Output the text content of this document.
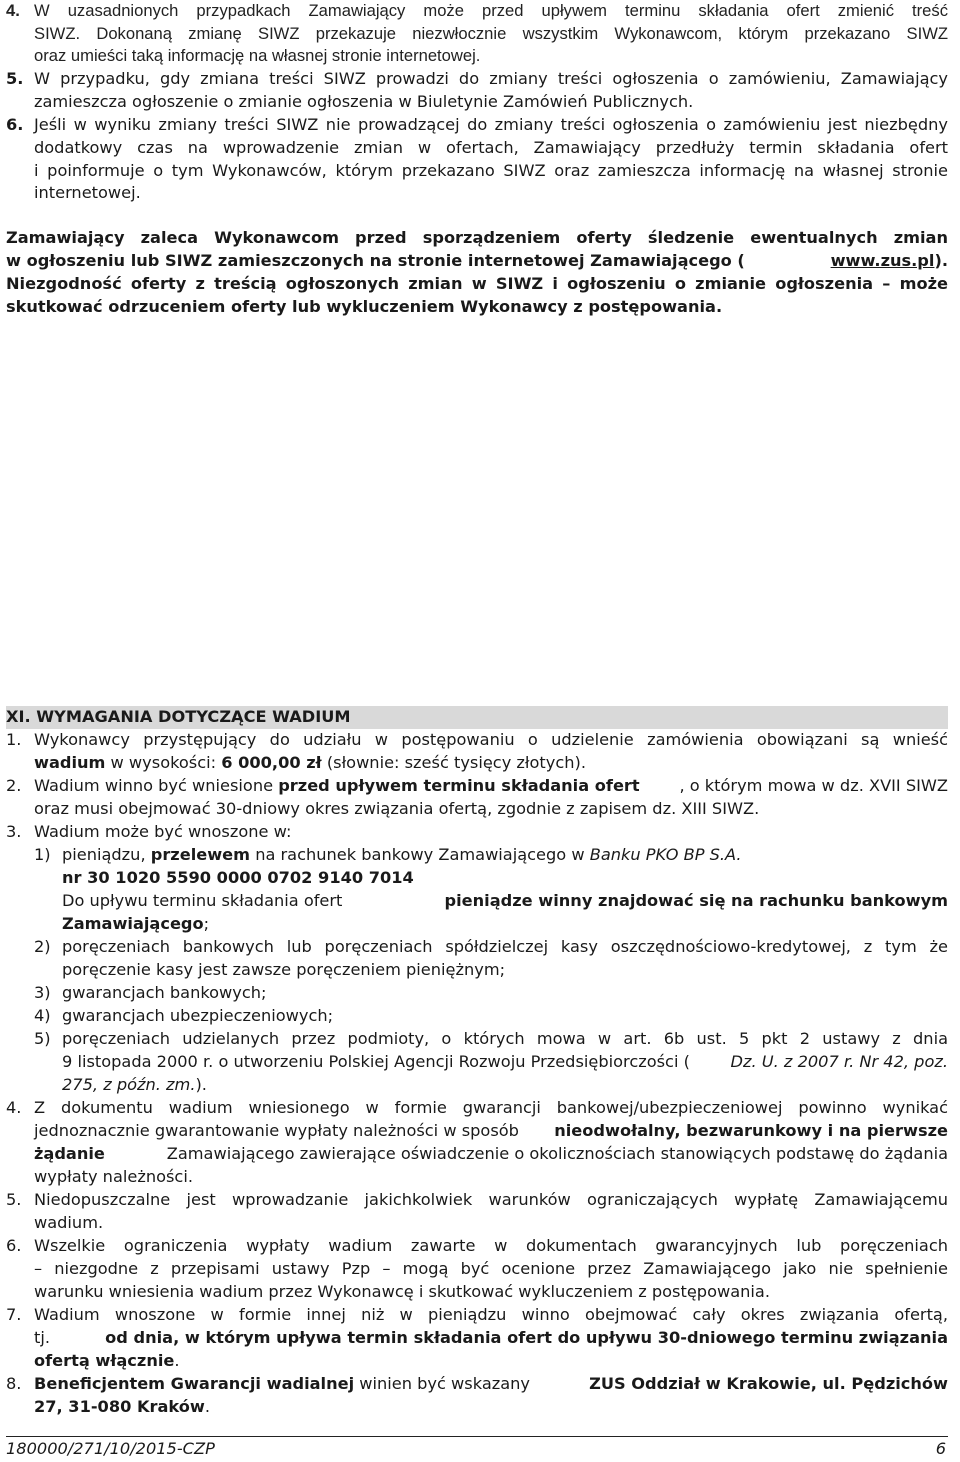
4. W uzasadnionych przypadkach Zamawiający może przed upływem terminu składania ofert zmienić treść
SIWZ. Dokonaną zmianę SIWZ przekazuje niezwłocznie wszystkim Wykonawcom, którym przekazano SIWZ
oraz umieści taką informację na własnej stronie internetowej.
5. W przypadku, gdy zmiana treści SIWZ prowadzi do zmiany treści ogłoszenia o zamówieniu, Zamawiający
zamieszcza ogłoszenie o zmianie ogłoszenia w Biuletynie Zamówień Publicznych.
6. Jeśli w wyniku zmiany treści SIWZ nie prowadzącej do zmiany treści ogłoszenia o zamówieniu jest niezbędny
dodatkowy czas na wprowadzenie zmian w ofertach, Zamawiający przedłuży termin składania ofert
i poinformuje o tym Wykonawców, którym przekazano SIWZ oraz zamieszcza informację na własnej stronie
internetowej.
Zamawiający zaleca Wykonawcom przed sporządzeniem oferty śledzenie ewentualnych zmian
w ogłoszeniu lub SIWZ zamieszczonych na stronie internetowej Zamawiającego (	www.zus.pl).
Niezgodność oferty z treścią ogłoszonych zmian w SIWZ i ogłoszeniu o zmianie ogłoszenia – może
skutkować odrzuceniem oferty lub wykluczeniem Wykonawcy z postępowania.
XI. WYMAGANIA DOTYCZĄCE WADIUM
1. Wykonawcy przystępujący do udziału w postępowaniu o udzielenie zamówienia obowiązani są wnieść
wadium w wysokości: 6 000,00 zł (słownie: sześć tysięcy złotych).
2. Wadium winno być wniesione przed upływem terminu składania ofert , o którym mowa w dz. XVII SIWZ
oraz musi obejmować 30-dniowy okres związania ofertą, zgodnie z zapisem dz. XIII SIWZ.
3. Wadium może być wnoszone w:
1) pieniądzu, przelewem na rachunek bankowy Zamawiającego w Banku PKO BP S.A.
nr 30 1020 5590 0000 0702 9140 7014
Do upływu terminu składania ofert	pieniądze winny znajdować się na rachunku bankowym
Zamawiającego;
2) poręczeniach bankowych lub poręczeniach spółdzielczej kasy oszczędnościowo-kredytowej, z tym że
poręczenie kasy jest zawsze poręczeniem pieniężnym;
3) gwarancjach bankowych;
4) gwarancjach ubezpieczeniowych;
5) poręczeniach udzielanych przez podmioty, o których mowa w art. 6b ust. 5 pkt 2 ustawy z dnia
9 listopada 2000 r. o utworzeniu Polskiej Agencji Rozwoju Przedsiębiorczości (	Dz. U. z 2007 r. Nr 42, poz.
275, z późn. zm.).
4. Z dokumentu wadium wniesionego w formie gwarancji bankowej/ubezpieczeniowej powinno wynikać
jednoznacznie gwarantowanie wypłaty należności w sposób nieodwołalny, bezwarunkowy i na pierwsze
żądanie	Zamawiającego zawierające oświadczenie o okolicznościach stanowiących podstawę do żądania
wypłaty należności.
5. Niedopuszczalne jest wprowadzanie jakichkolwiek warunków ograniczających wypłatę Zamawiającemu
wadium.
6. Wszelkie ograniczenia wypłaty wadium zawarte w dokumentach gwarancyjnych lub poręczeniach
– niezgodne z przepisami ustawy Pzp – mogą być ocenione przez Zamawiającego jako nie spełnienie
warunku wniesienia wadium przez Wykonawcę i skutkować wykluczeniem z postępowania.
7. Wadium wnoszone w formie innej niż w pieniądzu winno obejmować cały okres związania ofertą,
tj.	od dnia, w którym upływa termin składania ofert do upływu 30-dniowego terminu związania
ofertą włącznie.
8. Beneficjentem Gwarancji wadialnej winien być wskazany	ZUS Oddział w Krakowie, ul. Pędzichów
27, 31-080 Kraków.
180000/271/10/2015-CZP	6
